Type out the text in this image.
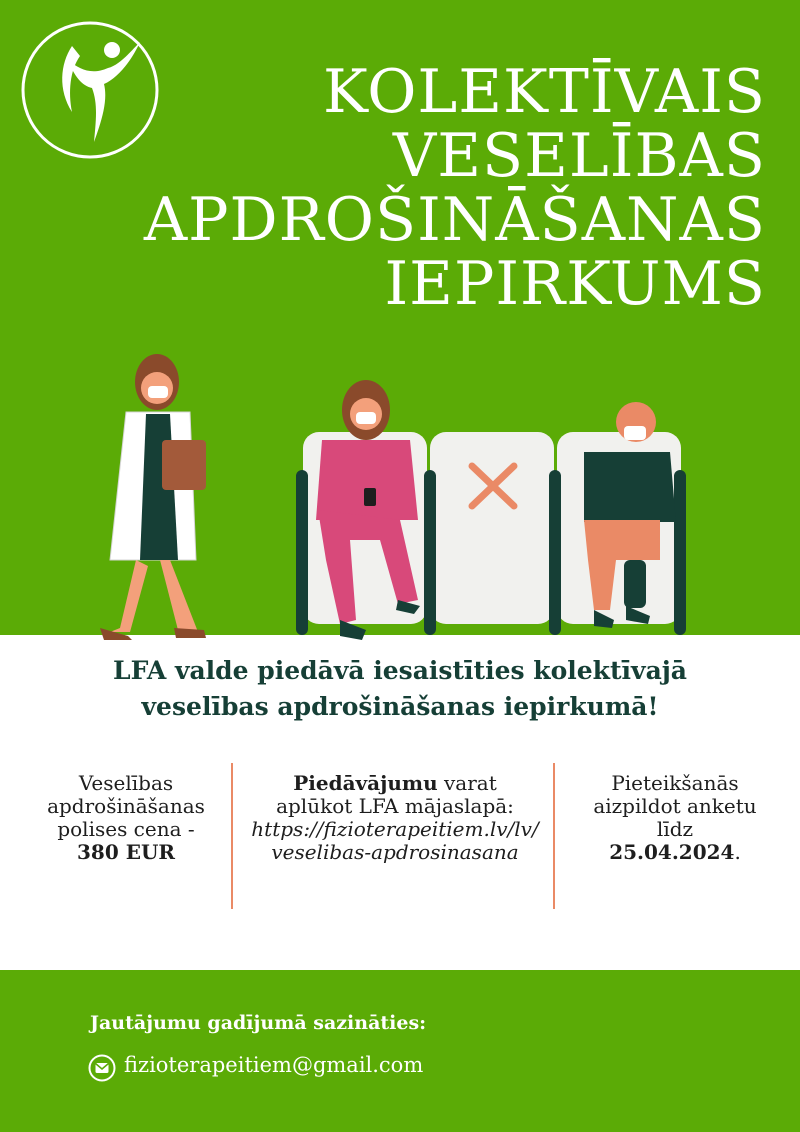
KOLEKTĪVAIS
VESELĪBAS
APDROŠINĀŠANAS
IEPIRKUMS
LFA valde piedāvā iesaistīties kolektīvajā
veselības apdrošināšanas iepirkumā!
Veselības
apdrošināšanas
polises cena -
380 EUR
Piedāvājumu varat
aplūkot LFA mājaslapā:
https://fizioterapeitiem.lv/lv/
veselibas-apdrosinasana
Pieteikšanās
aizpildot anketu
līdz
25.04.2024.
Jautājumu gadījumā sazināties:
fizioterapeitiem@gmail.com
